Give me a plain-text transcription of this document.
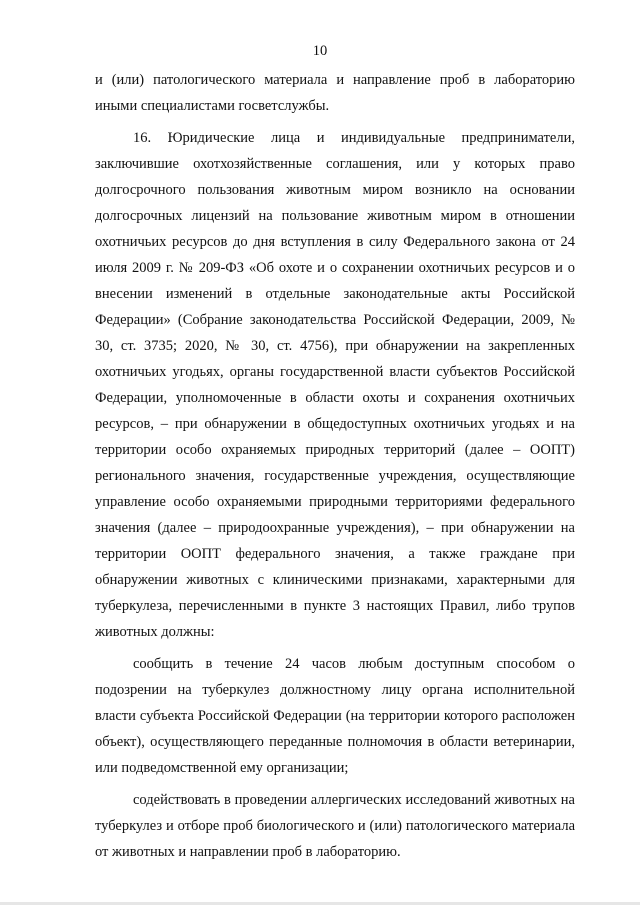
10

и (или) патологического материала и направление проб в лабораторию иными специалистами госветслужбы.

16. Юридические лица и индивидуальные предприниматели, заключившие охотхозяйственные соглашения, или у которых право долгосрочного пользования животным миром возникло на основании долгосрочных лицензий на пользование животным миром в отношении охотничьих ресурсов до дня вступления в силу Федерального закона от 24 июля 2009 г. № 209-ФЗ «Об охоте и о сохранении охотничьих ресурсов и о внесении изменений в отдельные законодательные акты Российской Федерации» (Собрание законодательства Российской Федерации, 2009, № 30, ст. 3735; 2020, № 30, ст. 4756), при обнаружении на закрепленных охотничьих угодьях, органы государственной власти субъектов Российской Федерации, уполномоченные в области охоты и сохранения охотничьих ресурсов, – при обнаружении в общедоступных охотничьих угодьях и на территории особо охраняемых природных территорий (далее – ООПТ) регионального значения, государственные учреждения, осуществляющие управление особо охраняемыми природными территориями федерального значения (далее – природоохранные учреждения), – при обнаружении на территории ООПТ федерального значения, а также граждане при обнаружении животных с клиническими признаками, характерными для туберкулеза, перечисленными в пункте 3 настоящих Правил, либо трупов животных должны:

сообщить в течение 24 часов любым доступным способом о подозрении на туберкулез должностному лицу органа исполнительной власти субъекта Российской Федерации (на территории которого расположен объект), осуществляющего переданные полномочия в области ветеринарии, или подведомственной ему организации;

содействовать в проведении аллергических исследований животных на туберкулез и отборе проб биологического и (или) патологического материала от животных и направлении проб в лабораторию.
